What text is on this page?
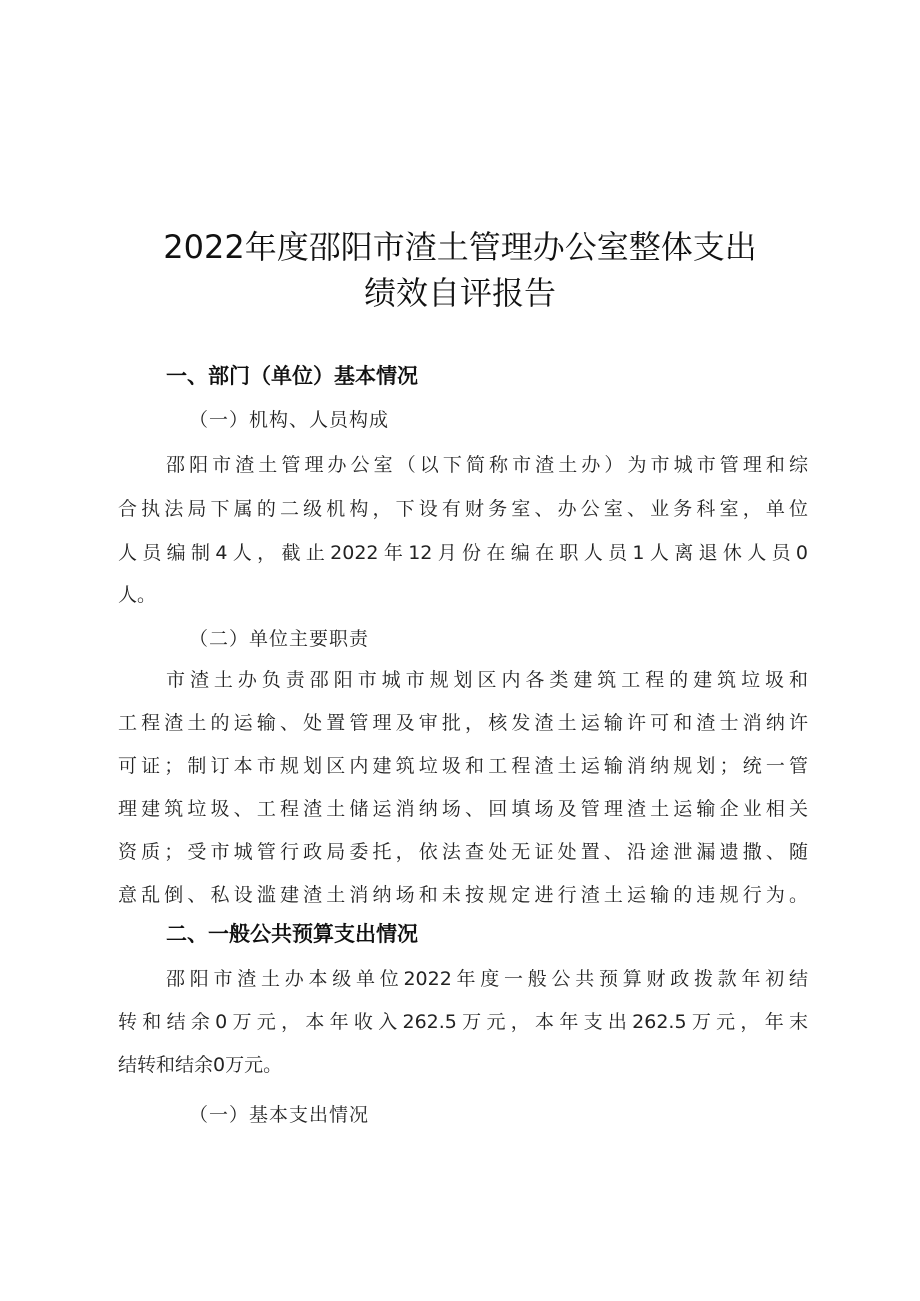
2022年度邵阳市渣土管理办公室整体支出
绩效自评报告
一、部门（单位）基本情况
（一）机构、人员构成
邵阳市渣土管理办公室（以下简称市渣土办）为市城市管理和综
合执法局下属的二级机构，下设有财务室、办公室、业务科室，单位
人员编制4人，截止2022年12月份在编在职人员1人离退休人员0
人。
（二）单位主要职责
市渣土办负责邵阳市城市规划区内各类建筑工程的建筑垃圾和
工程渣土的运输、处置管理及审批，核发渣土运输许可和渣士消纳许
可证；制订本市规划区内建筑垃圾和工程渣土运输消纳规划；统一管
理建筑垃圾、工程渣土储运消纳场、回填场及管理渣土运输企业相关
资质；受市城管行政局委托，依法查处无证处置、沿途泄漏遗撒、随
意乱倒、私设滥建渣土消纳场和未按规定进行渣土运输的违规行为。
二、一般公共预算支出情况
邵阳市渣土办本级单位2022年度一般公共预算财政拨款年初结
转和结余0万元，本年收入262.5万元，本年支出262.5万元，年末
结转和结余0万元。
（一）基本支出情况
